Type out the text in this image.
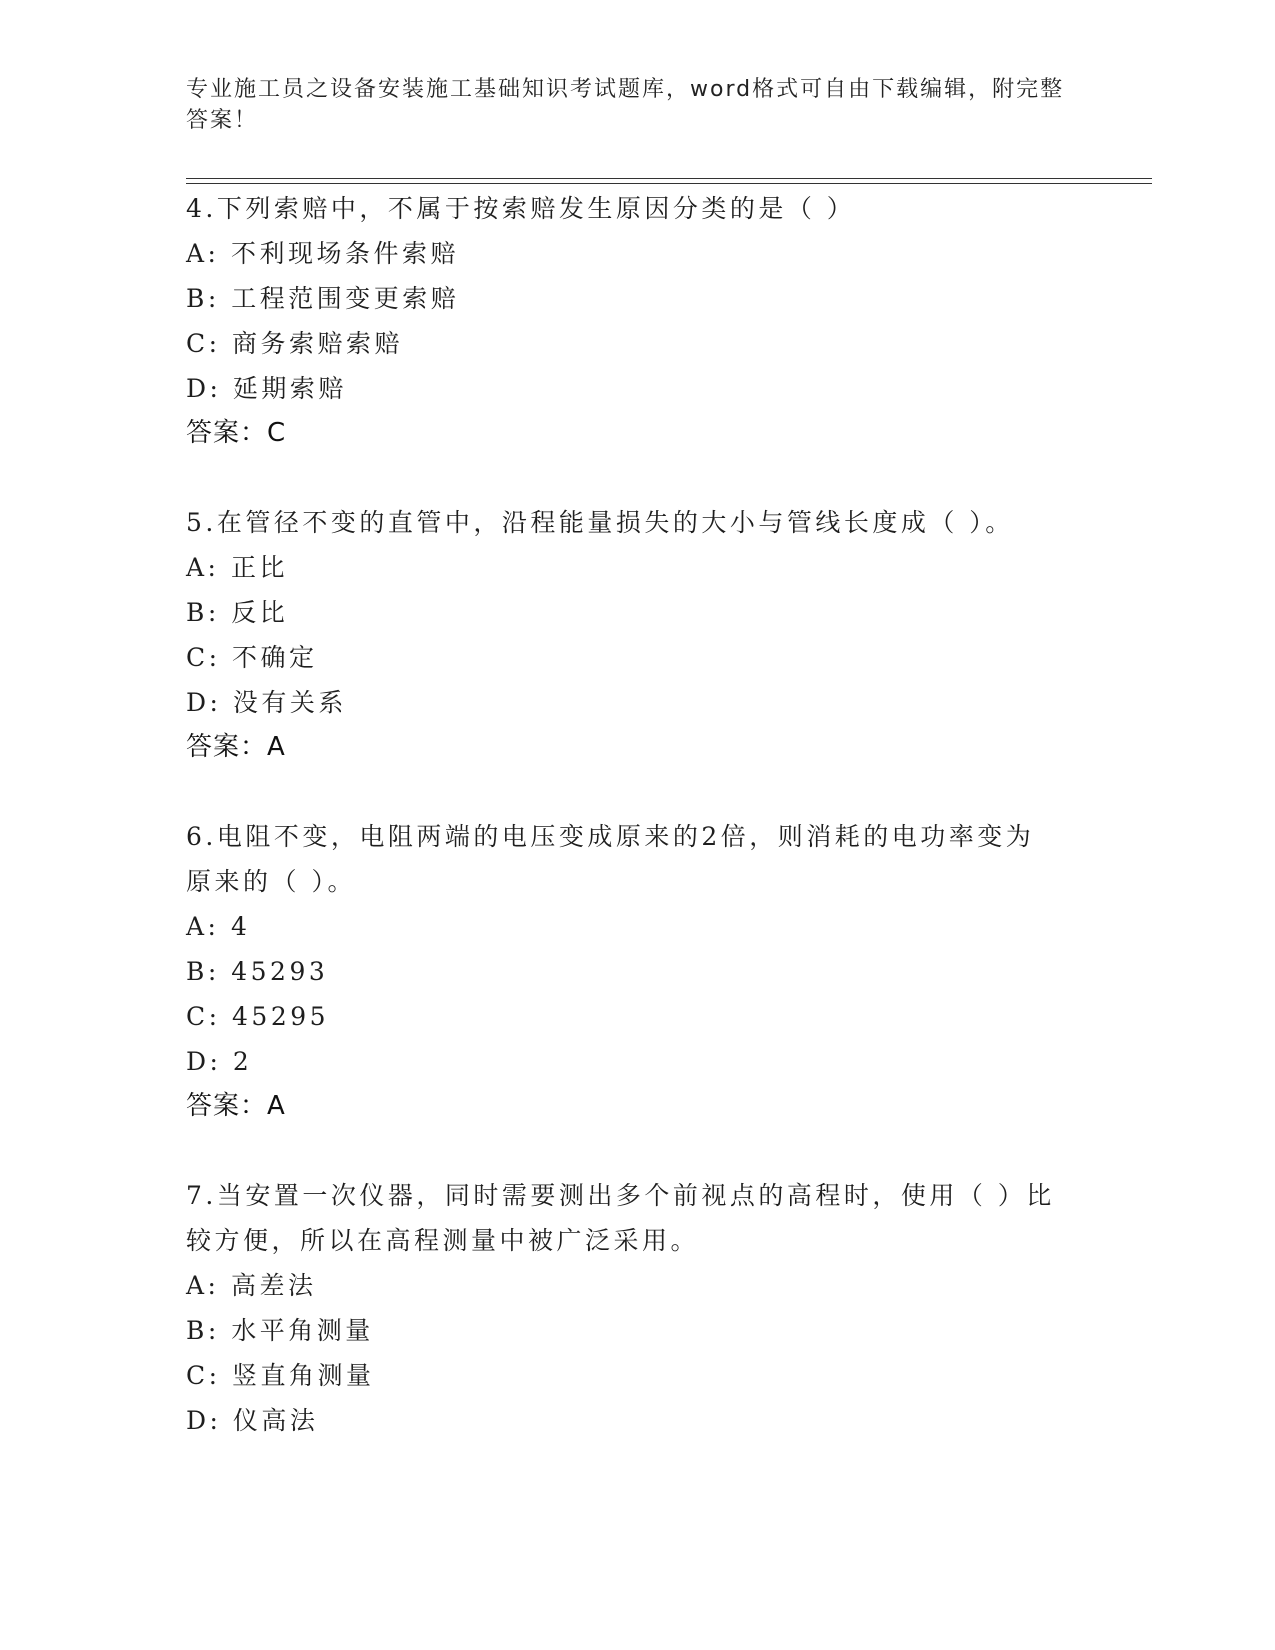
专业施工员之设备安装施工基础知识考试题库，word格式可自由下载编辑，附完整答案！
4.下列索赔中，不属于按索赔发生原因分类的是（ ）
A: 不利现场条件索赔
B: 工程范围变更索赔
C: 商务索赔索赔
D: 延期索赔
答案：C
5.在管径不变的直管中，沿程能量损失的大小与管线长度成（ ）。
A: 正比
B: 反比
C: 不确定
D: 没有关系
答案：A
6.电阻不变，电阻两端的电压变成原来的2倍，则消耗的电功率变为
原来的（ ）。
A: 4
B: 45293
C: 45295
D: 2
答案：A
7.当安置一次仪器，同时需要测出多个前视点的高程时，使用（ ）比
较方便，所以在高程测量中被广泛采用。
A: 高差法
B: 水平角测量
C: 竖直角测量
D: 仪高法
